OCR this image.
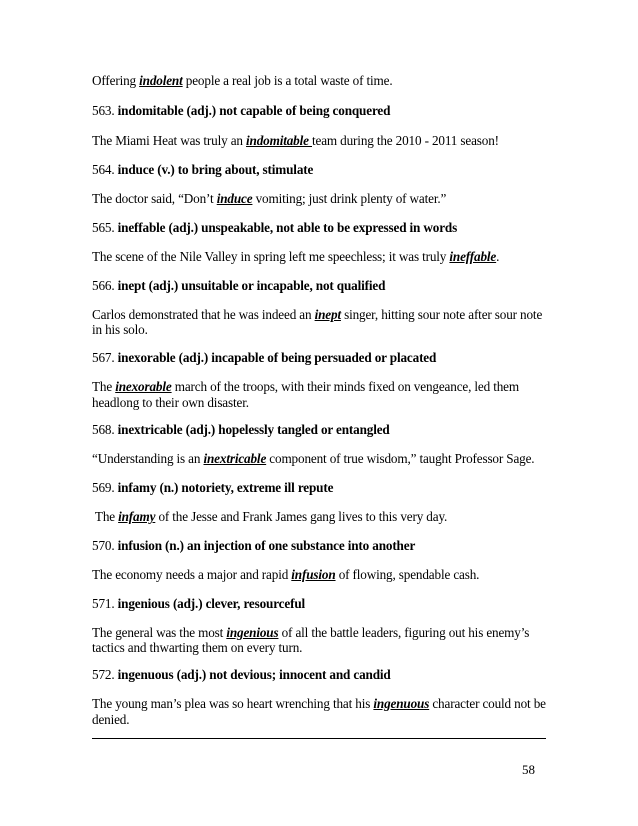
Offering indolent people a real job is a total waste of time.
563. indomitable (adj.) not capable of being conquered
The Miami Heat was truly an indomitable team during the 2010 - 2011 season!
564. induce (v.) to bring about, stimulate
The doctor said, “Don’t induce vomiting; just drink plenty of water.”
565. ineffable (adj.) unspeakable, not able to be expressed in words
The scene of the Nile Valley in spring left me speechless; it was truly ineffable.
566. inept (adj.) unsuitable or incapable, not qualified
Carlos demonstrated that he was indeed an inept singer, hitting sour note after sour note
in his solo.
567. inexorable (adj.) incapable of being persuaded or placated
The inexorable march of the troops, with their minds fixed on vengeance, led them
headlong to their own disaster.
568. inextricable (adj.) hopelessly tangled or entangled
“Understanding is an inextricable component of true wisdom,” taught Professor Sage.
569. infamy (n.) notoriety, extreme ill repute
The infamy of the Jesse and Frank James gang lives to this very day.
570. infusion (n.) an injection of one substance into another
The economy needs a major and rapid infusion of flowing, spendable cash.
571. ingenious (adj.) clever, resourceful
The general was the most ingenious of all the battle leaders, figuring out his enemy’s
tactics and thwarting them on every turn.
572. ingenuous (adj.) not devious; innocent and candid
The young man’s plea was so heart wrenching that his ingenuous character could not be
denied.
58
